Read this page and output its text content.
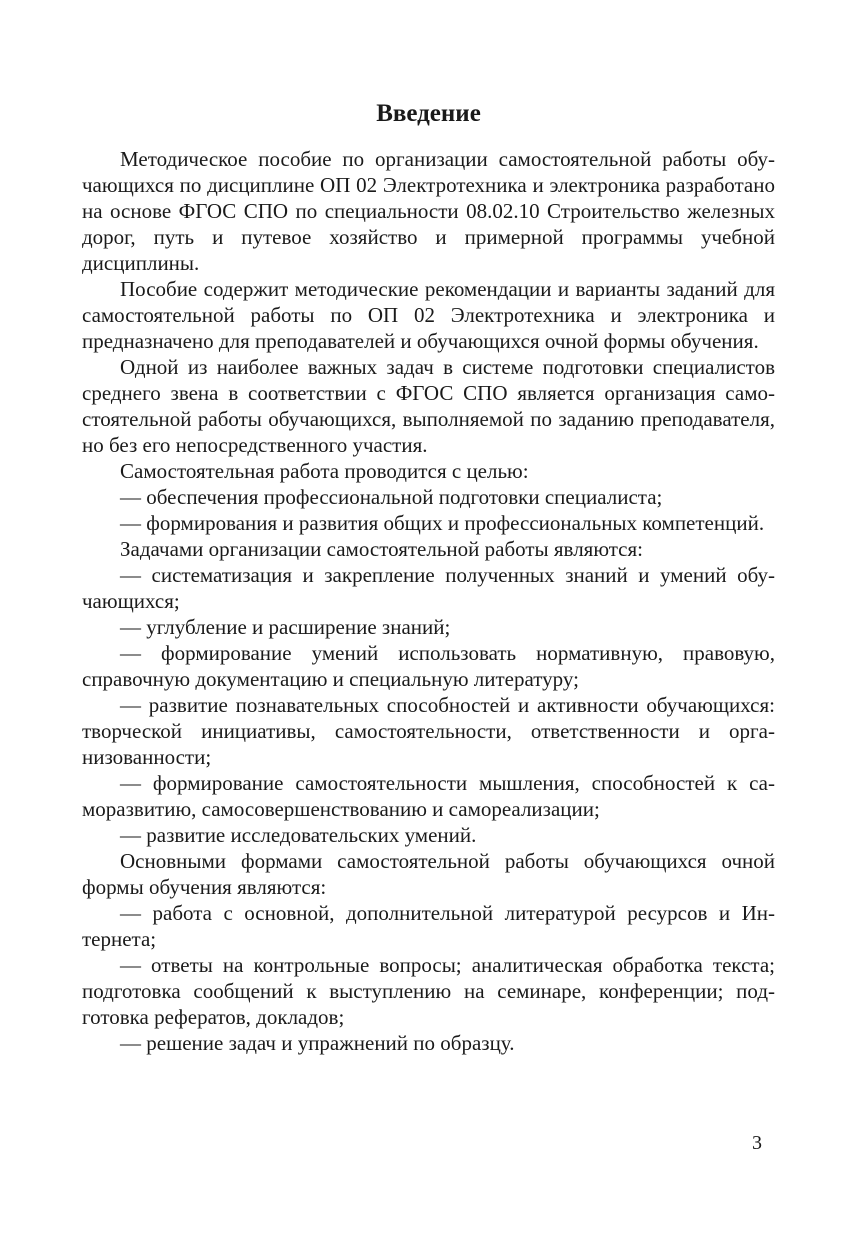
Введение

Методическое пособие по организации самостоятельной работы обучающихся по дисциплине ОП 02 Электротехника и электроника разработано на основе ФГОС СПО по специальности 08.02.10 Строительство железных дорог, путь и путевое хозяйство и примерной программы учебной дисциплины.

Пособие содержит методические рекомендации и варианты заданий для самостоятельной работы по ОП 02 Электротехника и электроника и предназначено для преподавателей и обучающихся очной формы обучения.

Одной из наиболее важных задач в системе подготовки специалистов среднего звена в соответствии с ФГОС СПО является организация самостоятельной работы обучающихся, выполняемой по заданию преподавателя, но без его непосредственного участия.

Самостоятельная работа проводится с целью:

— обеспечения профессиональной подготовки специалиста;

— формирования и развития общих и профессиональных компетенций.

Задачами организации самостоятельной работы являются:

— систематизация и закрепление полученных знаний и умений обучающихся;

— углубление и расширение знаний;

— формирование умений использовать нормативную, правовую, справочную документацию и специальную литературу;

— развитие познавательных способностей и активности обучающихся: творческой инициативы, самостоятельности, ответственности и организованности;

— формирование самостоятельности мышления, способностей к саморазвитию, самосовершенствованию и самореализации;

— развитие исследовательских умений.

Основными формами самостоятельной работы обучающихся очной формы обучения являются:

— работа с основной, дополнительной литературой ресурсов и Интернета;

— ответы на контрольные вопросы; аналитическая обработка текста; подготовка сообщений к выступлению на семинаре, конференции; подготовка рефератов, докладов;

— решение задач и упражнений по образцу.

3
